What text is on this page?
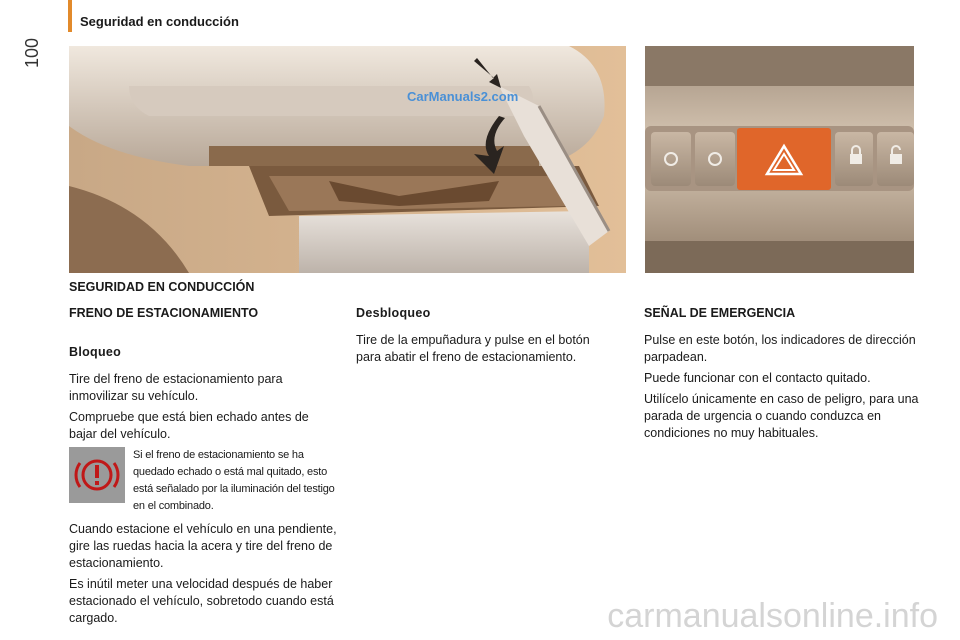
Seguridad en conducción
100
CarManuals2.com
SEGURIDAD EN CONDUCCIÓN
FRENO DE ESTACIONAMIENTO
Bloqueo

Tire del freno de estacionamiento para inmovilizar su vehículo.

Compruebe que está bien echado antes de bajar del vehículo.

Si el freno de estacionamiento se ha quedado echado o está mal quitado, esto está señalado por la iluminación del testigo en el combinado.

Cuando estacione el vehículo en una pendiente, gire las ruedas hacia la acera y tire del freno de estacionamiento.

Es inútil meter una velocidad después de haber estacionado el vehículo, sobretodo cuando está cargado.

Desbloqueo

Tire de la empuñadura y pulse en el botón para abatir el freno de estacionamiento.

SEÑAL DE EMERGENCIA

Pulse en este botón, los indicadores de dirección parpadean.

Puede funcionar con el contacto quitado.

Utilícelo únicamente en caso de peligro, para una parada de urgencia o cuando conduzca en condiciones no muy habituales.

carmanualsonline.info
